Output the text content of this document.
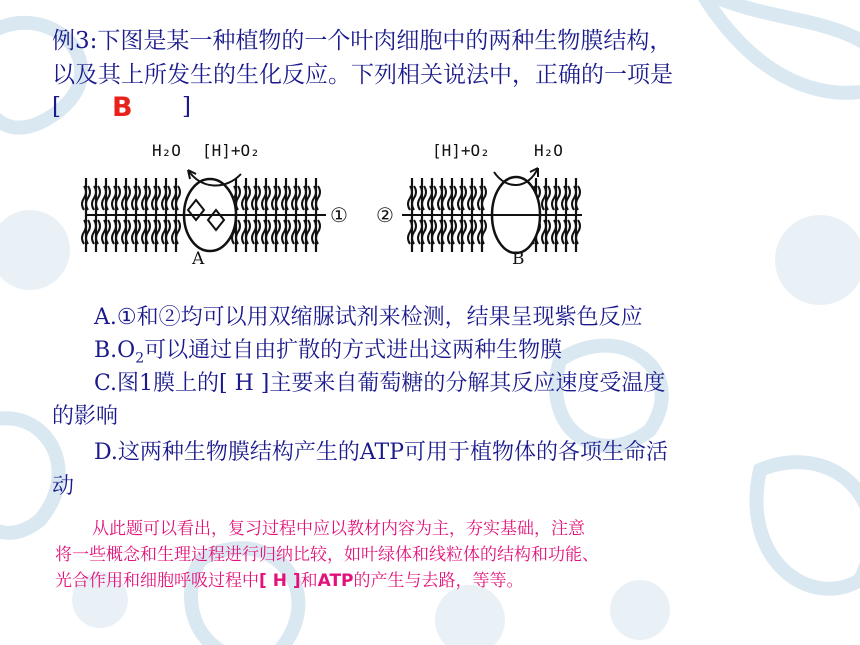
例3:下图是某一种植物的一个叶肉细胞中的两种生物膜结构，
以及其上所发生的生化反应。下列相关说法中，正确的一项是
[	]
B
H₂O [H]+O₂
A
① ②
[H]+O₂	H₂O
B
A.①和②均可以用双缩脲试剂来检测，结果呈现紫色反应
$B.O_2$可以通过自由扩散的方式进出这两种生物膜
C.图1膜上的[ H ]主要来自葡萄糖的分解其反应速度受温度
的影响
D.这两种生物膜结构产生的ATP可用于植物体的各项生命活
动
从此题可以看出，复习过程中应以教材内容为主，夯实基础，注意
将一些概念和生理过程进行归纳比较，如叶绿体和线粒体的结构和功能、
光合作用和细胞呼吸过程中[ H ]和ATP的产生与去路，等等。
